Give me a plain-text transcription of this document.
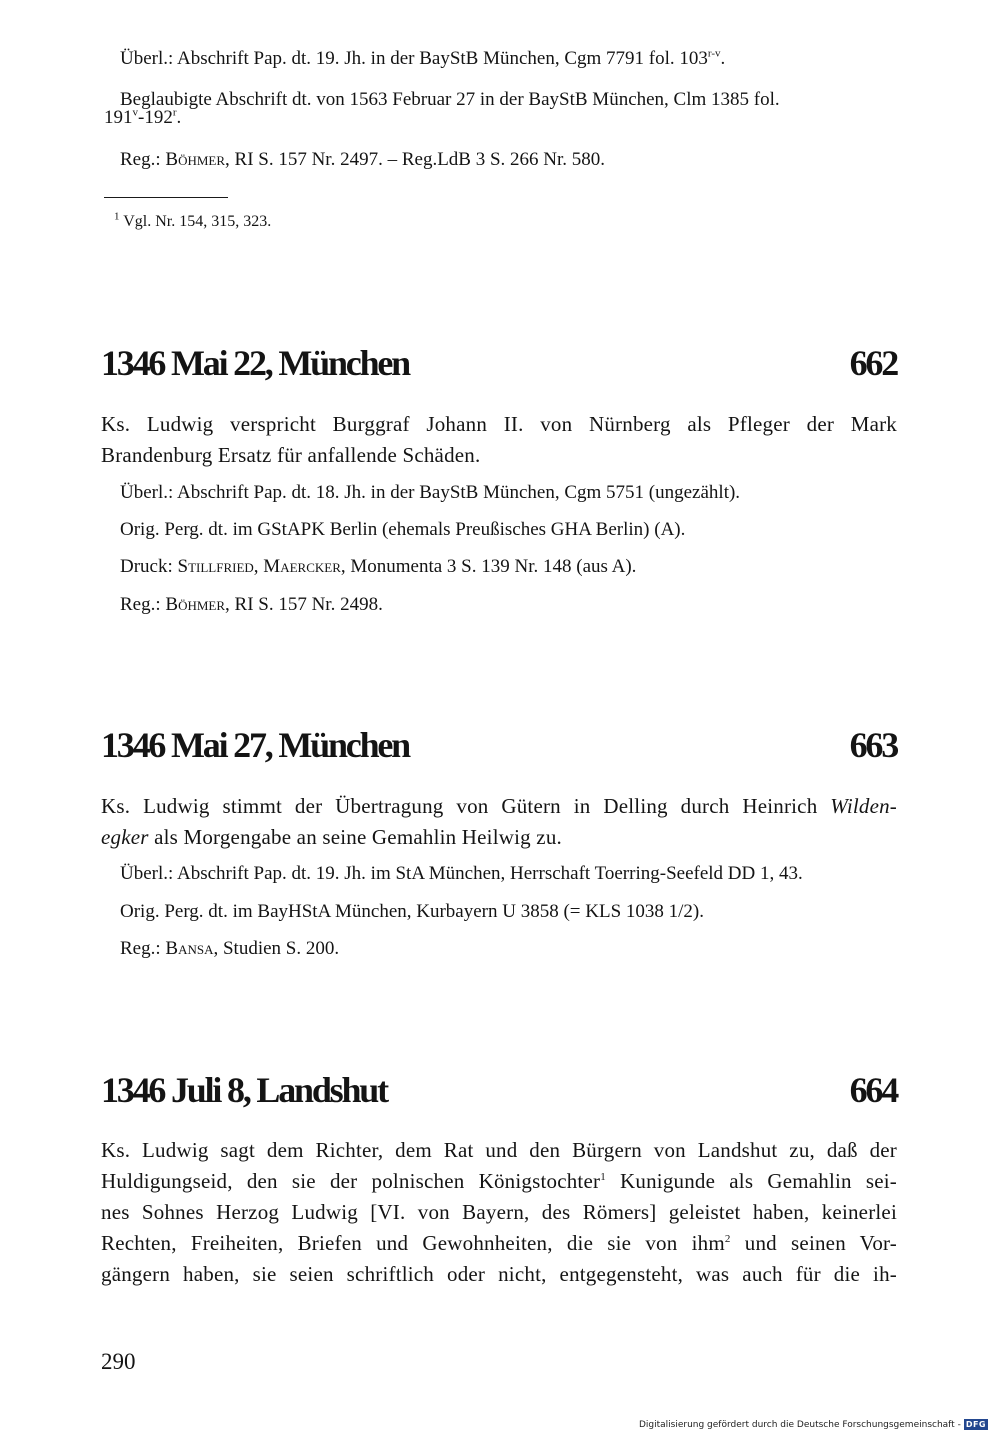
Überl.: Abschrift Pap. dt. 19. Jh. in der BayStB München, Cgm 7791 fol. 103$^{r-v}$.

Beglaubigte Abschrift dt. von 1563 Februar 27 in der BayStB München, Clm 1385 fol.

191$^v$-192$^r$.

Reg.: Böhmer, RI S. 157 Nr. 2497. – Reg.LdB 3 S. 266 Nr. 580.

$^1$ Vgl. Nr. 154, 315, 323.

1346 Mai 22, München	662

Ks. Ludwig verspricht Burggraf Johann II. von Nürnberg als Pfleger der Mark
Brandenburg Ersatz für anfallende Schäden.

Überl.: Abschrift Pap. dt. 18. Jh. in der BayStB München, Cgm 5751 (ungezählt).

Orig. Perg. dt. im GStAPK Berlin (ehemals Preußisches GHA Berlin) (A).

Druck: Stillfried, Maercker, Monumenta 3 S. 139 Nr. 148 (aus A).

Reg.: Böhmer, RI S. 157 Nr. 2498.

1346 Mai 27, München	663

Ks. Ludwig stimmt der Übertragung von Gütern in Delling durch Heinrich Wilden-
egker als Morgengabe an seine Gemahlin Heilwig zu.

Überl.: Abschrift Pap. dt. 19. Jh. im StA München, Herrschaft Toerring-Seefeld DD 1, 43.

Orig. Perg. dt. im BayHStA München, Kurbayern U 3858 (= KLS 1038 1/2).

Reg.: Bansa, Studien S. 200.

1346 Juli 8, Landshut	664

Ks. Ludwig sagt dem Richter, dem Rat und den Bürgern von Landshut zu, daß der
Huldigungseid, den sie der polnischen Königstochter$^1$ Kunigunde als Gemahlin sei-
nes Sohnes Herzog Ludwig [VI. von Bayern, des Römers] geleistet haben, keinerlei
Rechten, Freiheiten, Briefen und Gewohnheiten, die sie von ihm$^2$ und seinen Vor-
gängern haben, sie seien schriftlich oder nicht, entgegensteht, was auch für die ih-

290
Digitalisierung gefördert durch die Deutsche Forschungsgemeinschaft - DFG
